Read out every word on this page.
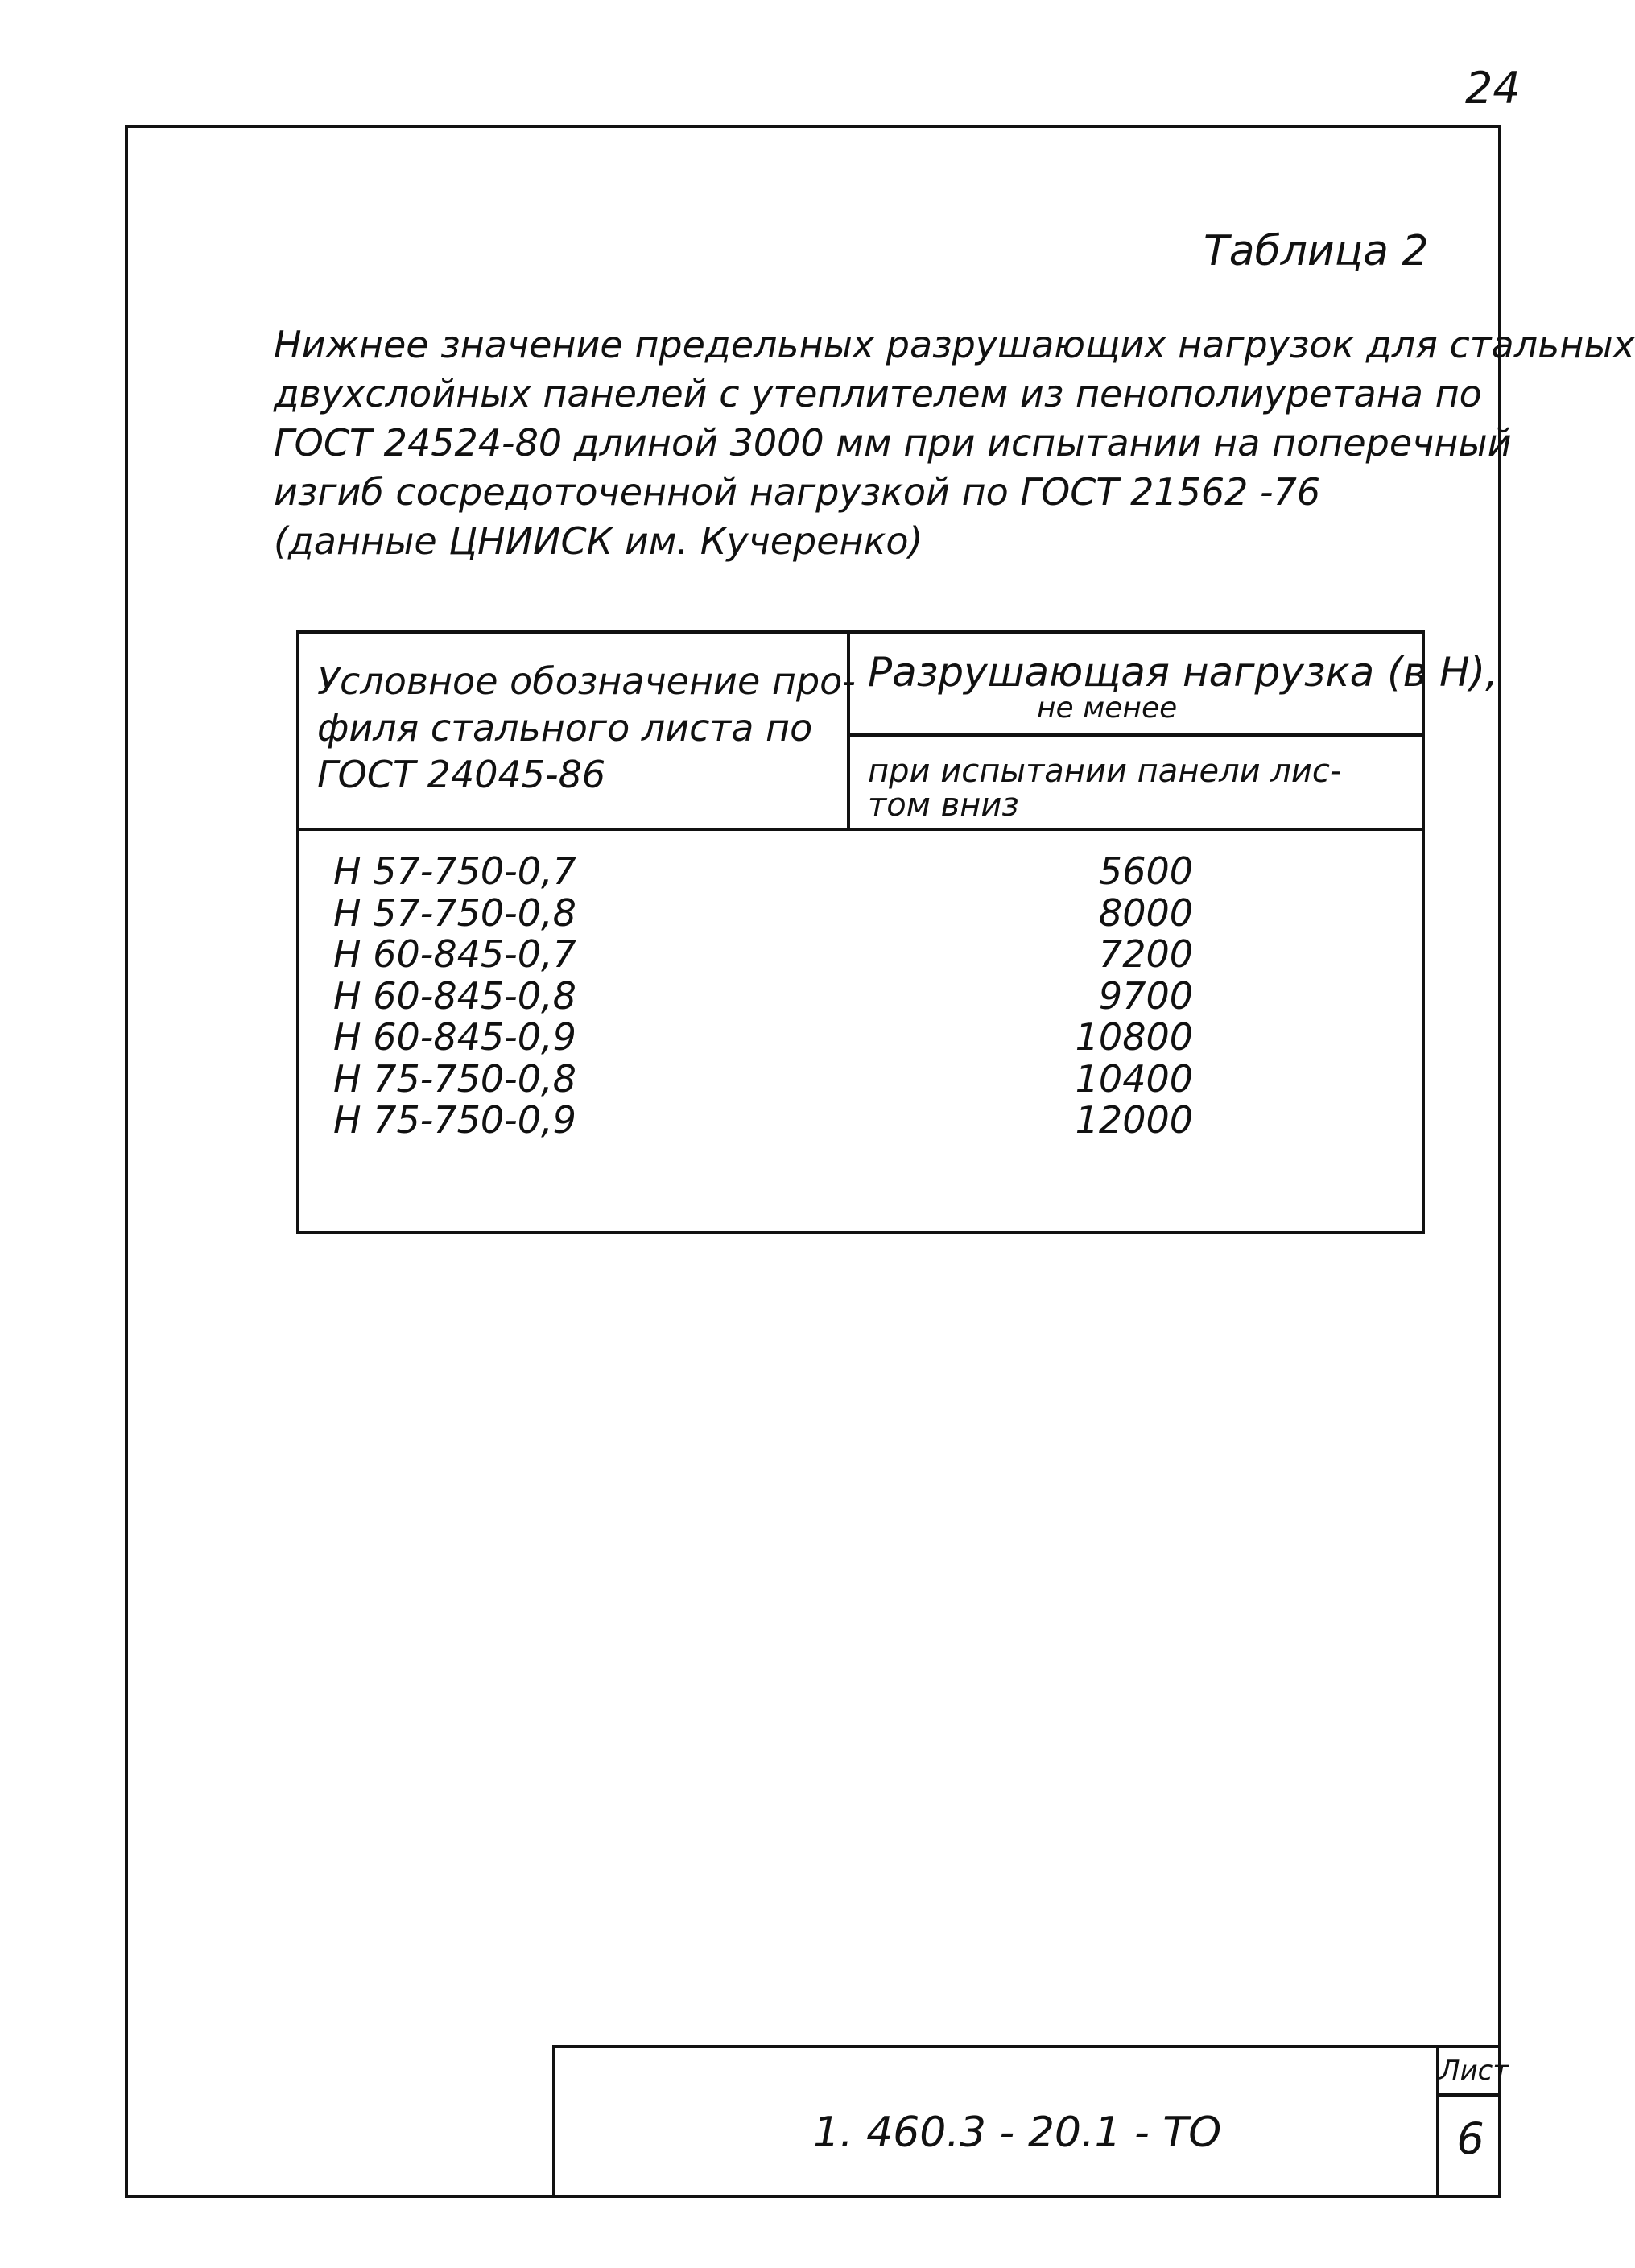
24
Таблица 2
Нижнее значение предельных разрушающих нагрузок для стальных
двухслойных панелей с утеплителем из пенополиуретана по
ГОСТ 24524-80 длиной 3000 мм при испытании на поперечный
изгиб сосредоточенной нагрузкой по ГОСТ 21562 -76
(данные ЦНИИСК им. Кучеренко)
Условное обозначение про-
филя стального листа по
ГОСТ 24045-86
Разрушающая нагрузка (в Н),
не менее
при испытании панели лис-
том вниз
Н 57-750-0,7	5600
Н 57-750-0,8	8000
Н 60-845-0,7	7200
Н 60-845-0,8	9700
Н 60-845-0,9	10800
Н 75-750-0,8	10400
Н 75-750-0,9	12000
1. 460.3 - 20.1 - ТО
Лист
6
